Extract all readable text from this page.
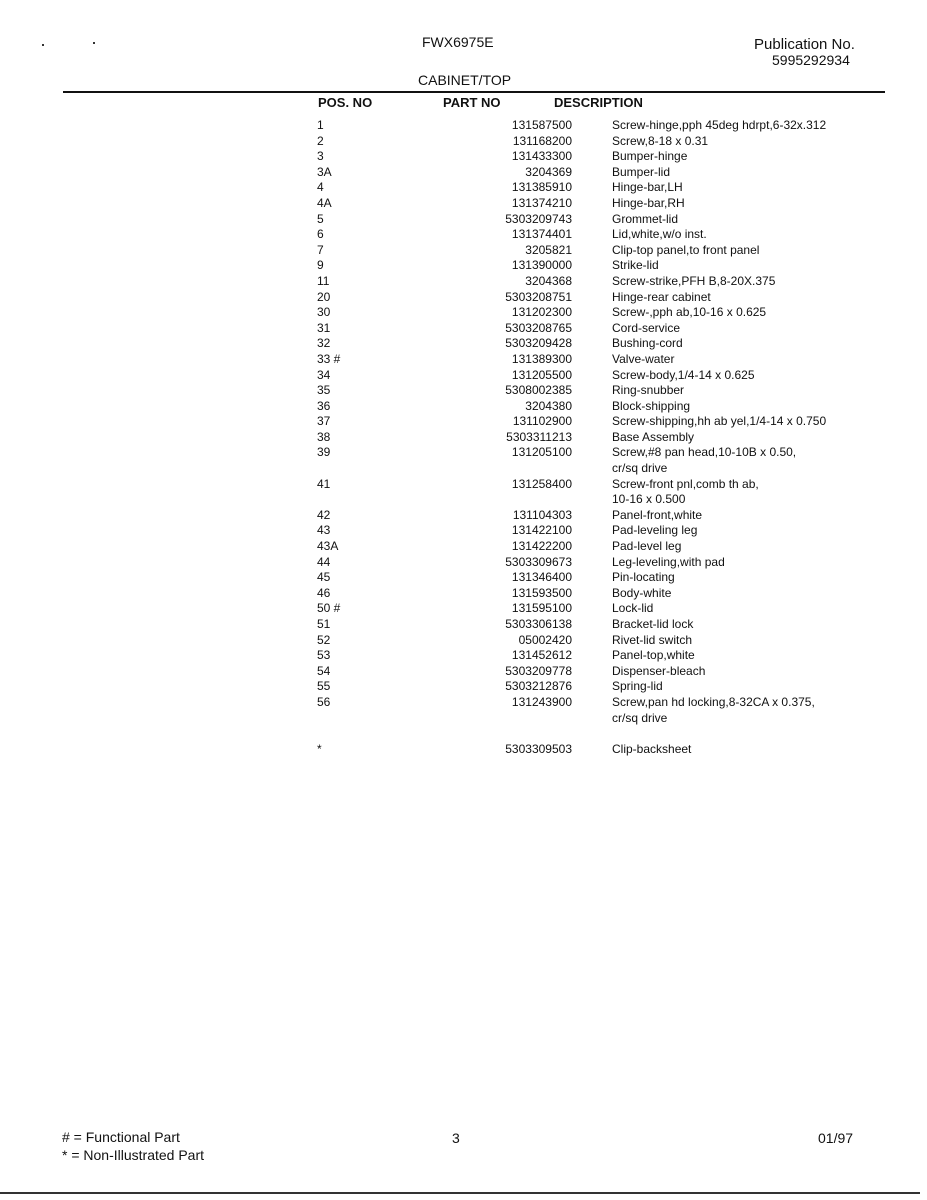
FWX6975E	Publication No.
5995292934
CABINET/TOP
POS. NO	PART NO	DESCRIPTION
1	131587500	Screw-hinge,pph 45deg hdrpt,6-32x.312
2	131168200	Screw,8-18 x 0.31
3	131433300	Bumper-hinge
3A	3204369	Bumper-lid
4	131385910	Hinge-bar,LH
4A	131374210	Hinge-bar,RH
5	5303209743	Grommet-lid
6	131374401	Lid,white,w/o inst.
7	3205821	Clip-top panel,to front panel
9	131390000	Strike-lid
11	3204368	Screw-strike,PFH B,8-20X.375
20	5303208751	Hinge-rear cabinet
30	131202300	Screw-,pph ab,10-16 x 0.625
31	5303208765	Cord-service
32	5303209428	Bushing-cord
33 #	131389300	Valve-water
34	131205500	Screw-body,1/4-14 x 0.625
35	5308002385	Ring-snubber
36	3204380	Block-shipping
37	131102900	Screw-shipping,hh ab yel,1/4-14 x 0.750
38	5303311213	Base Assembly
39	131205100	Screw,#8 pan head,10-10B x 0.50,
cr/sq drive
41	131258400	Screw-front pnl,comb th ab,
10-16 x 0.500
42	131104303	Panel-front,white
43	131422100	Pad-leveling leg
43A	131422200	Pad-level leg
44	5303309673	Leg-leveling,with pad
45	131346400	Pin-locating
46	131593500	Body-white
50 #	131595100	Lock-lid
51	5303306138	Bracket-lid lock
52	05002420	Rivet-lid switch
53	131452612	Panel-top,white
54	5303209778	Dispenser-bleach
55	5303212876	Spring-lid
56	131243900	Screw,pan hd locking,8-32CA x 0.375,
cr/sq drive
*	5303309503	Clip-backsheet
# = Functional Part
* = Non-Illustrated Part
3	01/97
